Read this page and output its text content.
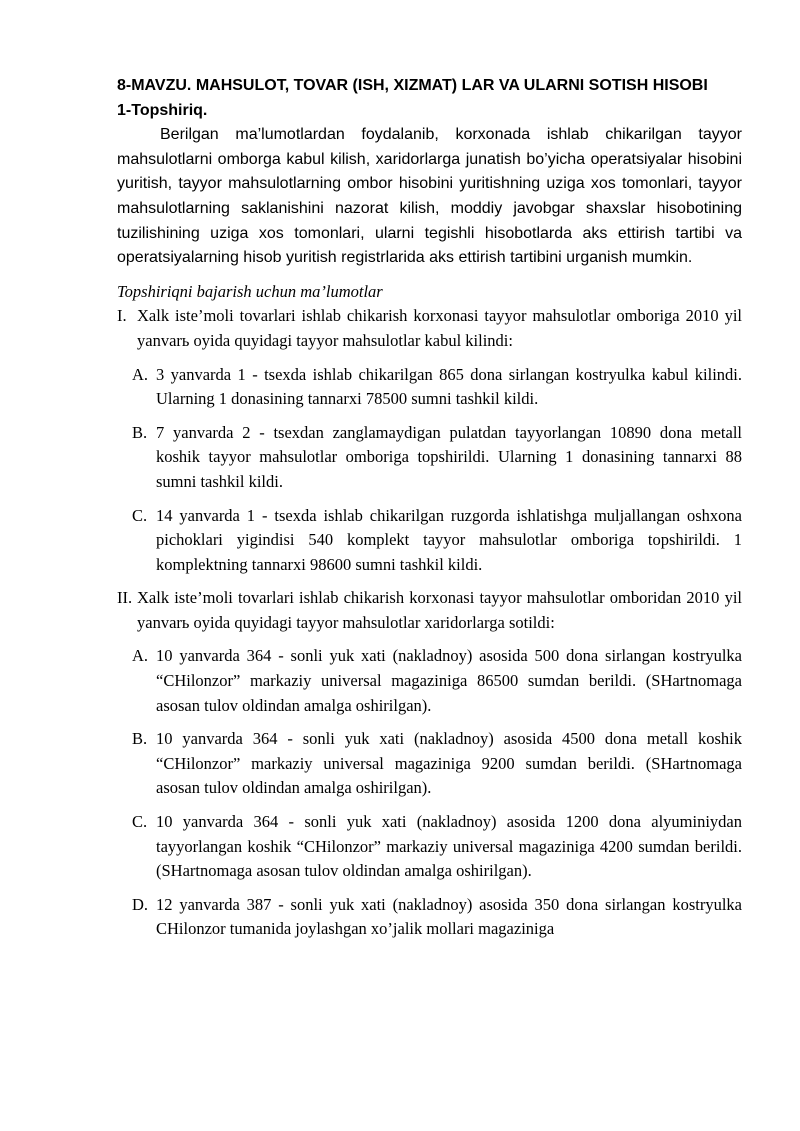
8-MAVZU. MAHSULOT, TOVAR (ISH, XIZMAT) LAR VA ULARNI SOTISH HISOBI

1-Topshiriq.

Berilgan ma’lumotlardan foydalanib, korxonada ishlab chikarilgan tayyor mahsulotlarni omborga kabul kilish, xaridorlarga junatish bo’yicha operatsiyalar hisobini yuritish, tayyor mahsulotlarning ombor hisobini yuritishning uziga xos tomonlari, tayyor mahsulotlarning saklanishini nazorat kilish, moddiy javobgar shaxslar hisobotining tuzilishining uziga xos tomonlari, ularni tegishli hisobotlarda aks ettirish tartibi va operatsiyalarning hisob yuritish registrlarida aks ettirish tartibini urganish mumkin.

Topshiriqni bajarish uchun ma’lumotlar

I. Xalk iste’moli tovarlari ishlab chikarish korxonasi tayyor mahsulotlar omboriga 2010 yil yanvarь oyida quyidagi tayyor mahsulotlar kabul kilindi:
A. 3 yanvarda 1 - tsexda ishlab chikarilgan 865 dona sirlangan kostryulka kabul kilindi. Ularning 1 donasining tannarxi 78500 sumni tashkil kildi.
B. 7 yanvarda 2 - tsexdan zanglamaydigan pulatdan tayyorlangan 10890 dona metall koshik tayyor mahsulotlar omboriga topshirildi. Ularning 1 donasining tannarxi 88 sumni tashkil kildi.
C. 14 yanvarda 1 - tsexda ishlab chikarilgan ruzgorda ishlatishga muljallangan oshxona pichoklari yigindisi 540 komplekt tayyor mahsulotlar omboriga topshirildi. 1 komplektning tannarxi 98600 sumni tashkil kildi.
II. Xalk iste’moli tovarlari ishlab chikarish korxonasi tayyor mahsulotlar omboridan 2010 yil yanvarь oyida quyidagi tayyor mahsulotlar xaridorlarga sotildi:
A. 10 yanvarda 364 - sonli yuk xati (nakladnoy) asosida 500 dona sirlangan kostryulka “CHilonzor” markaziy universal magaziniga 86500 sumdan berildi. (SHartnomaga asosan tulov oldindan amalga oshirilgan).
B. 10 yanvarda 364 - sonli yuk xati (nakladnoy) asosida 4500 dona metall koshik “CHilonzor” markaziy universal magaziniga 9200 sumdan berildi. (SHartnomaga asosan tulov oldindan amalga oshirilgan).
C. 10 yanvarda 364 - sonli yuk xati (nakladnoy) asosida 1200 dona alyuminiydan tayyorlangan koshik “CHilonzor” markaziy universal magaziniga 4200 sumdan berildi. (SHartnomaga asosan tulov oldindan amalga oshirilgan).
D. 12 yanvarda 387 - sonli yuk xati (nakladnoy) asosida 350 dona sirlangan kostryulka CHilonzor tumanida joylashgan xo’jalik mollari magaziniga
